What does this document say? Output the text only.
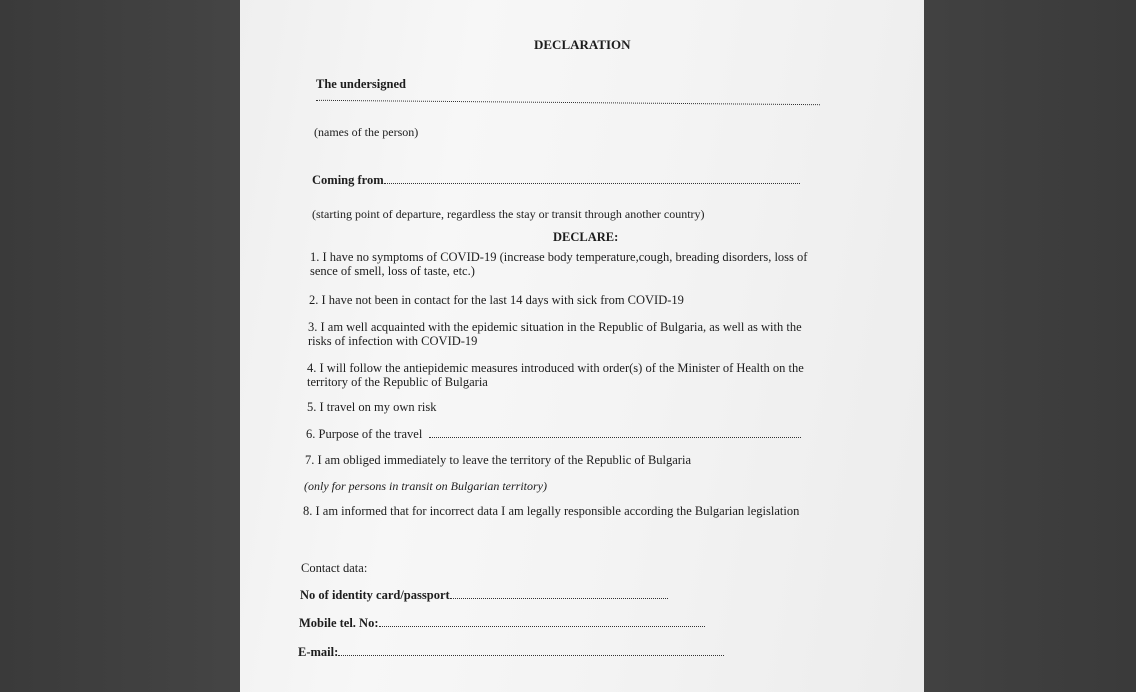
DECLARATION
The undersigned
(names of the person)
Coming from
(starting point of departure, regardless the stay or transit through another country)
DECLARE:
1. I have no symptoms of COVID-19 (increase body temperature,cough, breading disorders, loss of
sence of smell, loss of taste, etc.)
2. I have not been in contact for the last 14 days with sick from COVID-19
3. I am well acquainted with the epidemic situation in the Republic of Bulgaria, as well as with the
risks of infection with COVID-19
4. I will follow the antiepidemic measures introduced with order(s) of the Minister of Health on the
territory of the Republic of Bulgaria
5. I travel on my own risk
6. Purpose of the travel
7. I am obliged immediately to leave the territory of the Republic of Bulgaria
(only for persons in transit on Bulgarian territory)
8. I am informed that for incorrect data I am legally responsible according the Bulgarian legislation
Contact data:
No of identity card/passport
Mobile tel. No:
E-mail:
